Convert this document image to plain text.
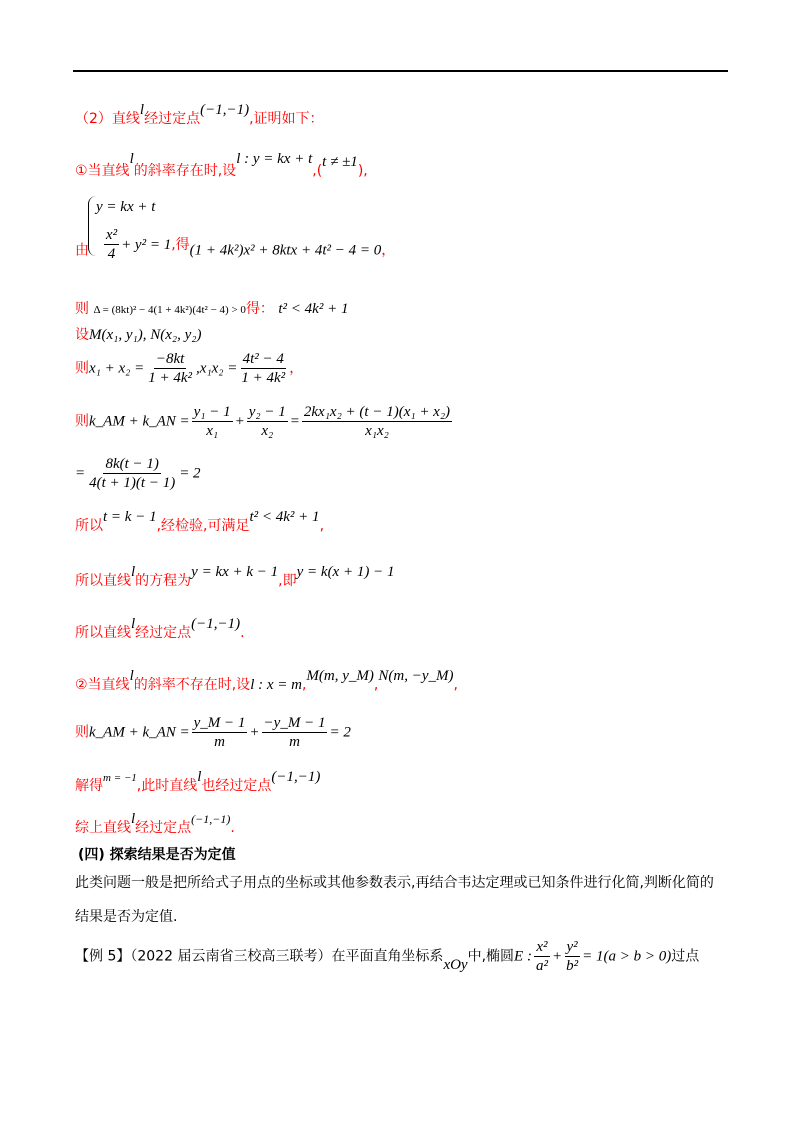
（2）直线l经过定点(−1,−1),证明如下：
①当直线l的斜率存在时,设l : y = kx + t,(t ≠ ±1),
y = kx + t
由 $\frac{\text{x²}}{4} + y^2 = 1$,得(1 + 4k²)x² + 8ktx + 4t² − 4 = 0，
则 Δ = (8kt)² − 4(1 + 4k²)(4t² − 4) > 0得： t² < 4k² + 1
设M(x₁, y₁), N(x₂, y₂)
则$x_1 + x_2 = \frac{-8kt}{\text{1 + 4k²}} ,x_1x_2 = \frac{\text{4t² − 4}}{\text{1 + 4k²}}$ ，
则k_AM + k_AN = $\frac{\text{y₁ − 1}}{\text{x₁}} + \frac{\text{y₂ − 1}}{\text{x₂}} = \frac{\text{2kx₁x₂ + (t − 1)(x₁ + x₂)}}{\text{x₁x₂}}$
= $\frac{8k(t - 1)}{4(t + 1)(t - 1)} = 2$
所以t = k − 1,经检验,可满足t² < 4k² + 1,
所以直线l的方程为y = kx + k − 1,即y = k(x + 1) − 1
所以直线l经过定点(−1,−1).
②当直线l的斜率不存在时,设l : x = m,M(m, y_M),N(m, −y_M),
则k_AM + k_AN = $\frac{y\_M - 1}{m} + \frac{-y\_M - 1}{m} = 2$
解得$^{m = -1}$,此时直线l也经过定点(−1,−1)
综上直线l经过定点(−1,−1).
(四) 探索结果是否为定值
此类问题一般是把所给式子用点的坐标或其他参数表示,再结合韦达定理或已知条件进行化简,判断化简的
结果是否为定值.
【例 5】（2022 届云南省三校高三联考）在平面直角坐标系xOy中,椭圆E : $\frac{\text{x²}}{\text{a²}} + \frac{\text{y²}}{\text{b²}} = 1(a > b > 0)$过点
